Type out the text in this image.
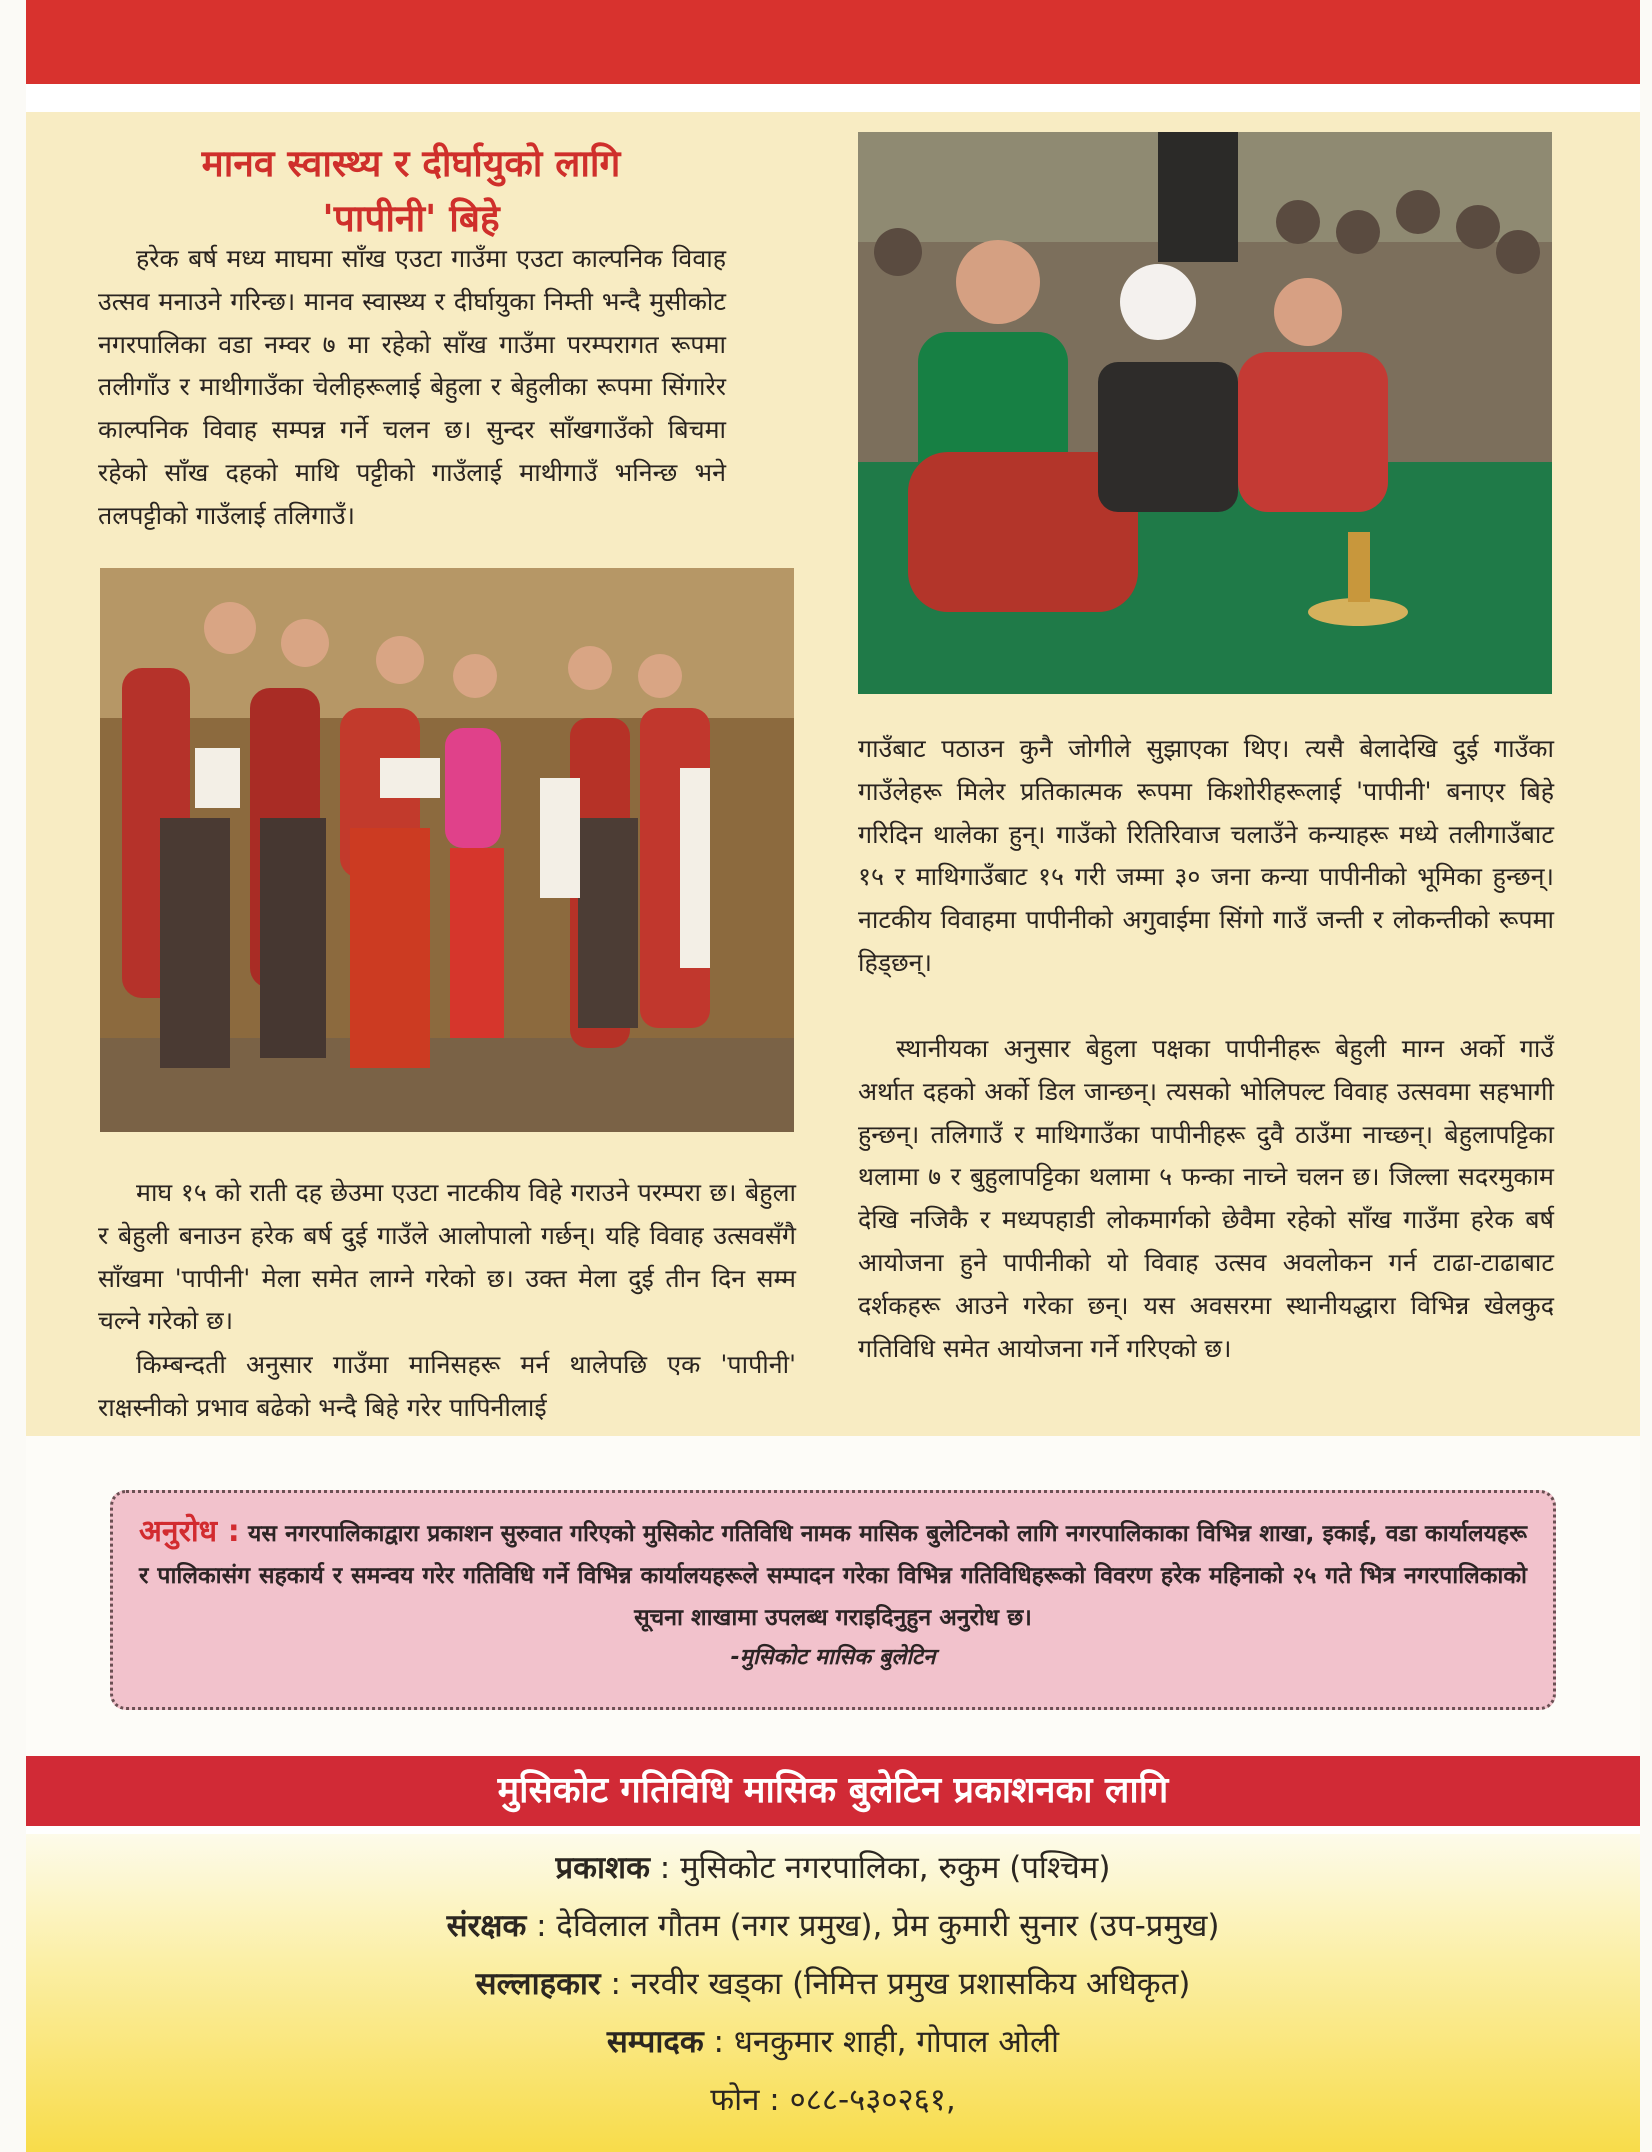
मानव स्वास्थ्य र दीर्घायुको लागि
'पापीनी' बिहे

हरेक बर्ष मध्य माघमा साँख एउटा गाउँमा एउटा काल्पनिक विवाह उत्सव मनाउने गरिन्छ। मानव स्वास्थ्य र दीर्घायुका निम्ती भन्दै मुसीकोट नगरपालिका वडा नम्वर ७ मा रहेको साँख गाउँमा परम्परागत रूपमा तलीगाँउ र माथीगाउँका चेलीहरूलाई बेहुला र बेहुलीका रूपमा सिंगारेर काल्पनिक विवाह सम्पन्न गर्ने चलन छ। सुन्दर साँखगाउँको बिचमा रहेको साँख दहको माथि पट्टीको गाउँलाई माथीगाउँ भनिन्छ भने तलपट्टीको गाउँलाई तलिगाउँ।

माघ १५ को राती दह छेउमा एउटा नाटकीय विहे गराउने परम्परा छ। बेहुला र बेहुली बनाउन हरेक बर्ष दुई गाउँले आलोपालो गर्छन्। यहि विवाह उत्सवसँगै साँखमा 'पापीनी' मेला समेत लाग्ने गरेको छ। उक्त मेला दुई तीन दिन सम्म चल्ने गरेको छ।

किम्बन्दती अनुसार गाउँमा मानिसहरू मर्न थालेपछि एक 'पापीनी' राक्षस्नीको प्रभाव बढेको भन्दै बिहे गरेर पापिनीलाई

गाउँबाट पठाउन कुनै जोगीले सुझाएका थिए। त्यसै बेलादेखि दुई गाउँका गाउँलेहरू मिलेर प्रतिकात्मक रूपमा किशोरीहरूलाई 'पापीनी' बनाएर बिहे गरिदिन थालेका हुन्। गाउँको रितिरिवाज चलाउँने कन्याहरू मध्ये तलीगाउँबाट १५ र माथिगाउँबाट १५ गरी जम्मा ३० जना कन्या पापीनीको भूमिका हुन्छन्। नाटकीय विवाहमा पापीनीको अगुवाईमा सिंगो गाउँ जन्ती र लोकन्तीको रूपमा हिड्छन्।

स्थानीयका अनुसार बेहुला पक्षका पापीनीहरू बेहुली माग्न अर्को गाउँ अर्थात दहको अर्को डिल जान्छन्। त्यसको भोलिपल्ट विवाह उत्सवमा सहभागी हुन्छन्। तलिगाउँ र माथिगाउँका पापीनीहरू दुवै ठाउँमा नाच्छन्। बेहुलापट्टिका थलामा ७ र बुहुलापट्टिका थलामा ५ फन्का नाच्ने चलन छ। जिल्ला सदरमुकाम देखि नजिकै र मध्यपहाडी लोकमार्गको छेवैमा रहेको साँख गाउँमा हरेक बर्ष आयोजना हुने पापीनीको यो विवाह उत्सव अवलोकन गर्न टाढा-टाढाबाट दर्शकहरू आउने गरेका छन्। यस अवसरमा स्थानीयद्धारा विभिन्न खेलकुद गतिविधि समेत आयोजना गर्ने गरिएको छ।

अनुरोध : यस नगरपालिकाद्वारा प्रकाशन सुरुवात गरिएको मुसिकोट गतिविधि नामक मासिक बुलेटिनको लागि नगरपालिकाका विभिन्न शाखा, इकाई, वडा कार्यालयहरू र पालिकासंग सहकार्य र समन्वय गरेर गतिविधि गर्ने विभिन्न कार्यालयहरूले सम्पादन गरेका विभिन्न गतिविधिहरूको विवरण हरेक महिनाको २५ गते भित्र नगरपालिकाको सूचना शाखामा उपलब्ध गराइदिनुहुन अनुरोध छ।

-मुसिकोट मासिक बुलेटिन

मुसिकोट गतिविधि मासिक बुलेटिन प्रकाशनका लागि
प्रकाशक : मुसिकोट नगरपालिका, रुकुम (पश्चिम)
संरक्षक : देविलाल गौतम (नगर प्रमुख), प्रेम कुमारी सुनार (उप-प्रमुख)
सल्लाहकार : नरवीर खड्का (निमित्त प्रमुख प्रशासकिय अधिकृत)
सम्पादक : धनकुमार शाही, गोपाल ओली
फोन : ०८८-५३०२६१,
